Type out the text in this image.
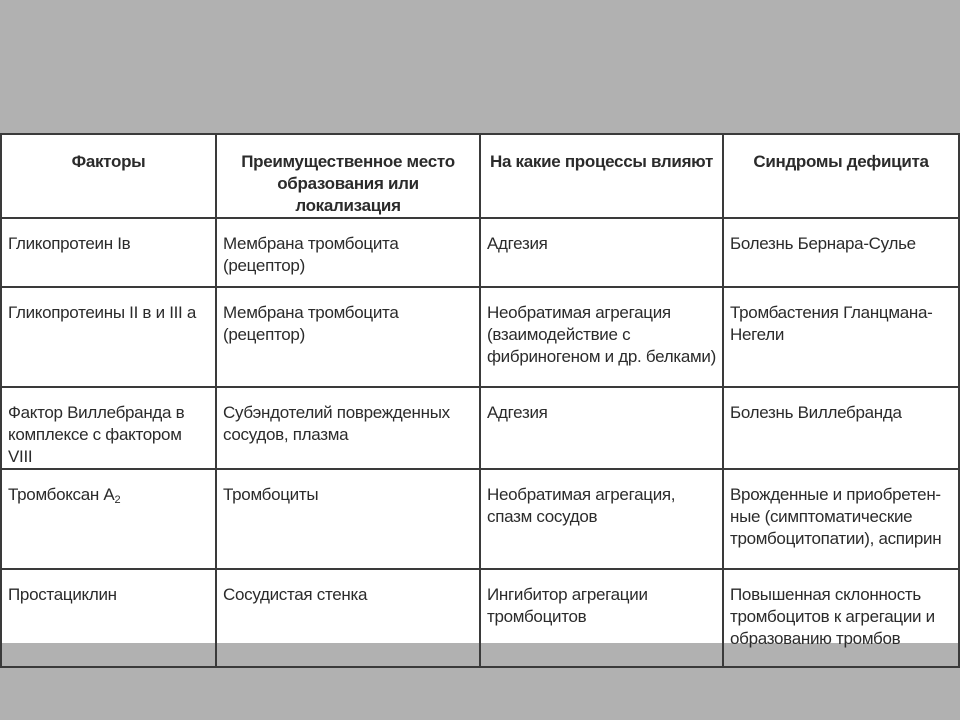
Факторы	Преимущественное место образования или локализация	На какие процессы влияют	Синдромы дефицита
Гликопротеин Iв	Мембрана тромбоцита (рецептор)	Адгезия	Болезнь Бернара-Сулье
Гликопротеины II в и III а	Мембрана тромбоцита (рецептор)	Необратимая агрегация (взаимодействие с фибриногеном и др. белками)	Тромбастения Гланцмана-Негели
Фактор Виллебранда в комплексе с фактором VIII	Субэндотелий поврежденных сосудов, плазма	Адгезия	Болезнь Виллебранда
Тромбоксан $А_2$	Тромбоциты	Необратимая агрегация, спазм сосудов	Врожденные и приобретен-ные (симптоматические тромбоцитопатии), аспирин
Простациклин	Сосудистая стенка	Ингибитор агрегации тромбоцитов	Повышенная склонность тромбоцитов к агрегации и образованию тромбов
